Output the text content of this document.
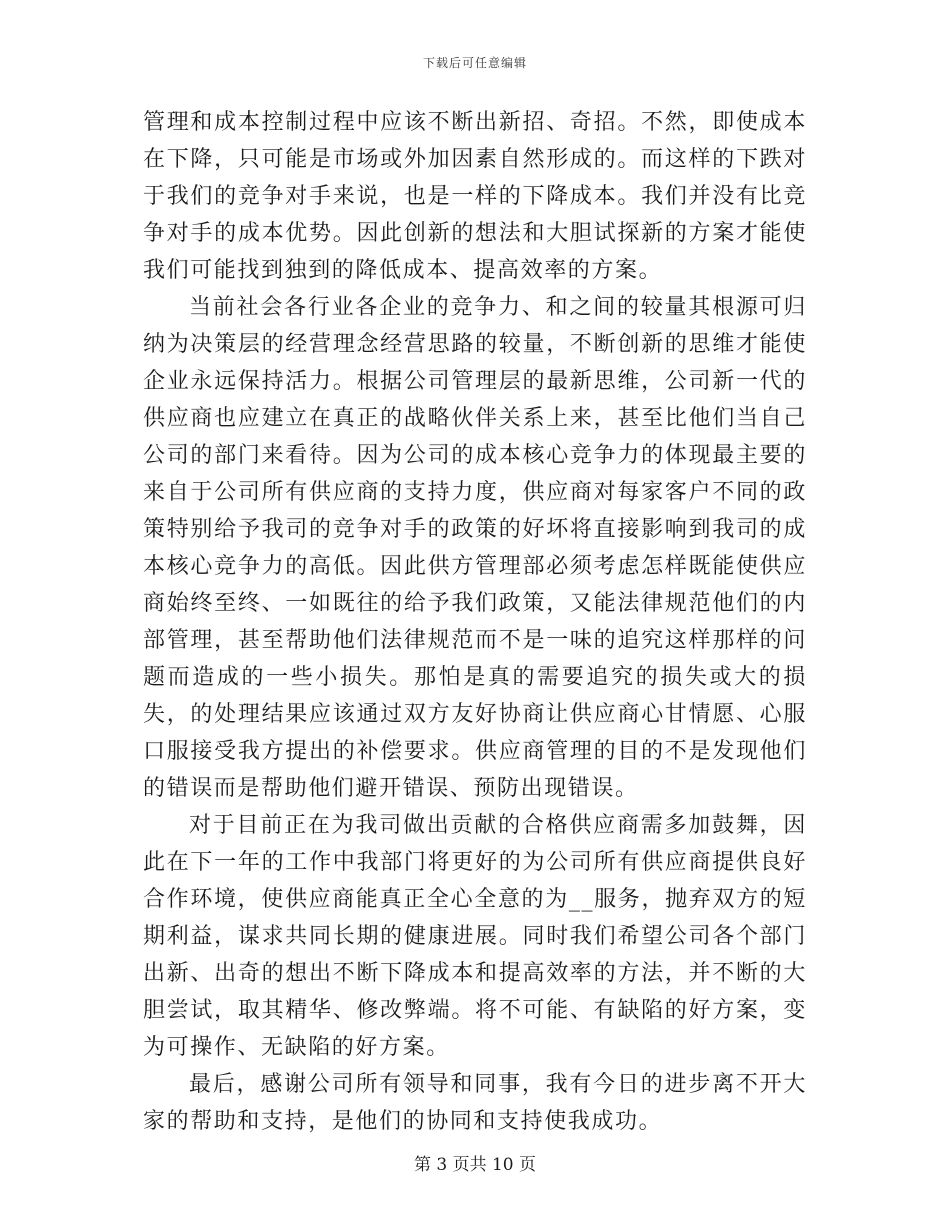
下载后可任意编辑

管理和成本控制过程中应该不断出新招、奇招。不然，即使成本在下降，只可能是市场或外加因素自然形成的。而这样的下跌对于我们的竞争对手来说，也是一样的下降成本。我们并没有比竞争对手的成本优势。因此创新的想法和大胆试探新的方案才能使我们可能找到独到的降低成本、提高效率的方案。

当前社会各行业各企业的竞争力、和之间的较量其根源可归纳为决策层的经营理念经营思路的较量，不断创新的思维才能使企业永远保持活力。根据公司管理层的最新思维，公司新一代的供应商也应建立在真正的战略伙伴关系上来，甚至比他们当自己公司的部门来看待。因为公司的成本核心竞争力的体现最主要的来自于公司所有供应商的支持力度，供应商对每家客户不同的政策特别给予我司的竞争对手的政策的好坏将直接影响到我司的成本核心竞争力的高低。因此供方管理部必须考虑怎样既能使供应商始终至终、一如既往的给予我们政策，又能法律规范他们的内部管理，甚至帮助他们法律规范而不是一味的追究这样那样的问题而造成的一些小损失。那怕是真的需要追究的损失或大的损失，的处理结果应该通过双方友好协商让供应商心甘情愿、心服口服接受我方提出的补偿要求。供应商管理的目的不是发现他们的错误而是帮助他们避开错误、预防出现错误。

对于目前正在为我司做出贡献的合格供应商需多加鼓舞，因此在下一年的工作中我部门将更好的为公司所有供应商提供良好合作环境，使供应商能真正全心全意的为__服务，抛弃双方的短期利益，谋求共同长期的健康进展。同时我们希望公司各个部门出新、出奇的想出不断下降成本和提高效率的方法，并不断的大胆尝试，取其精华、修改弊端。将不可能、有缺陷的好方案，变为可操作、无缺陷的好方案。

最后，感谢公司所有领导和同事，我有今日的进步离不开大家的帮助和支持，是他们的协同和支持使我成功。

第 3 页共 10 页
